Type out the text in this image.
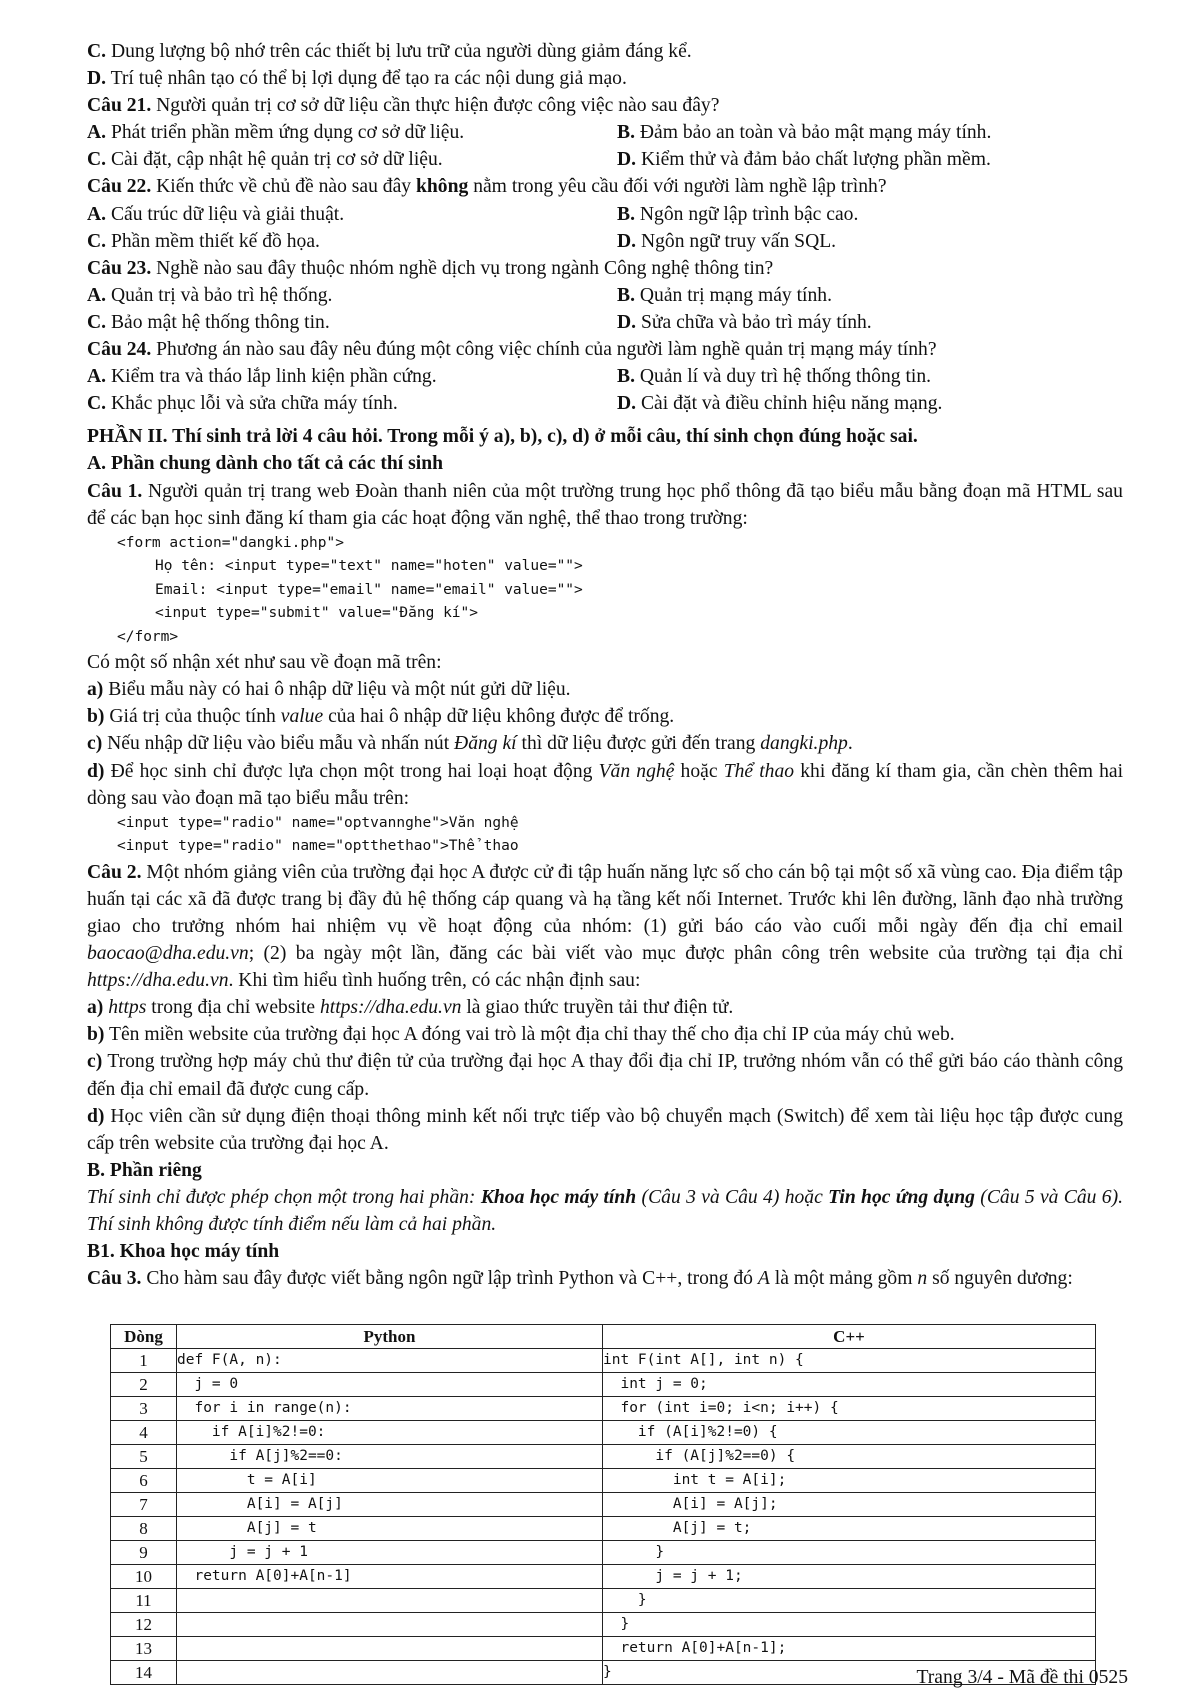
C. Dung lượng bộ nhớ trên các thiết bị lưu trữ của người dùng giảm đáng kể.
D. Trí tuệ nhân tạo có thể bị lợi dụng để tạo ra các nội dung giả mạo.
Câu 21. Người quản trị cơ sở dữ liệu cần thực hiện được công việc nào sau đây?
A. Phát triển phần mềm ứng dụng cơ sở dữ liệu.	B. Đảm bảo an toàn và bảo mật mạng máy tính.
C. Cài đặt, cập nhật hệ quản trị cơ sở dữ liệu.	D. Kiểm thử và đảm bảo chất lượng phần mềm.
Câu 22. Kiến thức về chủ đề nào sau đây không nằm trong yêu cầu đối với người làm nghề lập trình?
A. Cấu trúc dữ liệu và giải thuật.	B. Ngôn ngữ lập trình bậc cao.
C. Phần mềm thiết kế đồ họa.	D. Ngôn ngữ truy vấn SQL.
Câu 23. Nghề nào sau đây thuộc nhóm nghề dịch vụ trong ngành Công nghệ thông tin?
A. Quản trị và bảo trì hệ thống.	B. Quản trị mạng máy tính.
C. Bảo mật hệ thống thông tin.	D. Sửa chữa và bảo trì máy tính.
Câu 24. Phương án nào sau đây nêu đúng một công việc chính của người làm nghề quản trị mạng máy tính?
A. Kiểm tra và tháo lắp linh kiện phần cứng.	B. Quản lí và duy trì hệ thống thông tin.
C. Khắc phục lỗi và sửa chữa máy tính.	D. Cài đặt và điều chỉnh hiệu năng mạng.
PHẦN II. Thí sinh trả lời 4 câu hỏi. Trong mỗi ý a), b), c), d) ở mỗi câu, thí sinh chọn đúng hoặc sai.
A. Phần chung dành cho tất cả các thí sinh
Câu 1. Người quản trị trang web Đoàn thanh niên của một trường trung học phổ thông đã tạo biểu mẫu bằng đoạn mã HTML sau để các bạn học sinh đăng kí tham gia các hoạt động văn nghệ, thể thao trong trường:
<form action="dangki.php">
Họ tên: <input type="text" name="hoten" value="">
Email: <input type="email" name="email" value="">
<input type="submit" value="Đăng kí">
</form>
Có một số nhận xét như sau về đoạn mã trên:
a) Biểu mẫu này có hai ô nhập dữ liệu và một nút gửi dữ liệu.
b) Giá trị của thuộc tính value của hai ô nhập dữ liệu không được để trống.
c) Nếu nhập dữ liệu vào biểu mẫu và nhấn nút Đăng kí thì dữ liệu được gửi đến trang dangki.php.
d) Để học sinh chỉ được lựa chọn một trong hai loại hoạt động Văn nghệ hoặc Thể thao khi đăng kí tham gia, cần chèn thêm hai dòng sau vào đoạn mã tạo biểu mẫu trên:
<input type="radio" name="optvannghe">Văn nghệ
<input type="radio" name="optthethao">Thể thao
Câu 2. Một nhóm giảng viên của trường đại học A được cử đi tập huấn năng lực số cho cán bộ tại một số xã vùng cao. Địa điểm tập huấn tại các xã đã được trang bị đầy đủ hệ thống cáp quang và hạ tầng kết nối Internet. Trước khi lên đường, lãnh đạo nhà trường giao cho trưởng nhóm hai nhiệm vụ về hoạt động của nhóm: (1) gửi báo cáo vào cuối mỗi ngày đến địa chỉ email baocao@dha.edu.vn; (2) ba ngày một lần, đăng các bài viết vào mục được phân công trên website của trường tại địa chỉ https://dha.edu.vn. Khi tìm hiểu tình huống trên, có các nhận định sau:
a) https trong địa chỉ website https://dha.edu.vn là giao thức truyền tải thư điện tử.
b) Tên miền website của trường đại học A đóng vai trò là một địa chỉ thay thế cho địa chỉ IP của máy chủ web.
c) Trong trường hợp máy chủ thư điện tử của trường đại học A thay đổi địa chỉ IP, trưởng nhóm vẫn có thể gửi báo cáo thành công đến địa chỉ email đã được cung cấp.
d) Học viên cần sử dụng điện thoại thông minh kết nối trực tiếp vào bộ chuyển mạch (Switch) để xem tài liệu học tập được cung cấp trên website của trường đại học A.
B. Phần riêng
Thí sinh chỉ được phép chọn một trong hai phần: Khoa học máy tính (Câu 3 và Câu 4) hoặc Tin học ứng dụng (Câu 5 và Câu 6). Thí sinh không được tính điểm nếu làm cả hai phần.
B1. Khoa học máy tính
Câu 3. Cho hàm sau đây được viết bằng ngôn ngữ lập trình Python và C++, trong đó A là một mảng gồm n số nguyên dương:
Dòng	Python	C++
1	def F(A, n):	int F(int A[], int n) {
2	j = 0	int j = 0;
3	for i in range(n):	for (int i=0; i<n; i++) {
4	if A[i]%2!=0:	if (A[i]%2!=0) {
5	if A[j]%2==0:	if (A[j]%2==0) {
6	t = A[i]	int t = A[i];
7	A[i] = A[j]	A[i] = A[j];
8	A[j] = t	A[j] = t;
9	j = j + 1	}
10	return A[0]+A[n-1]	j = j + 1;
11		}
12		}
13		return A[0]+A[n-1];
14		}	Trang 3/4 - Mã đề thi 0525
